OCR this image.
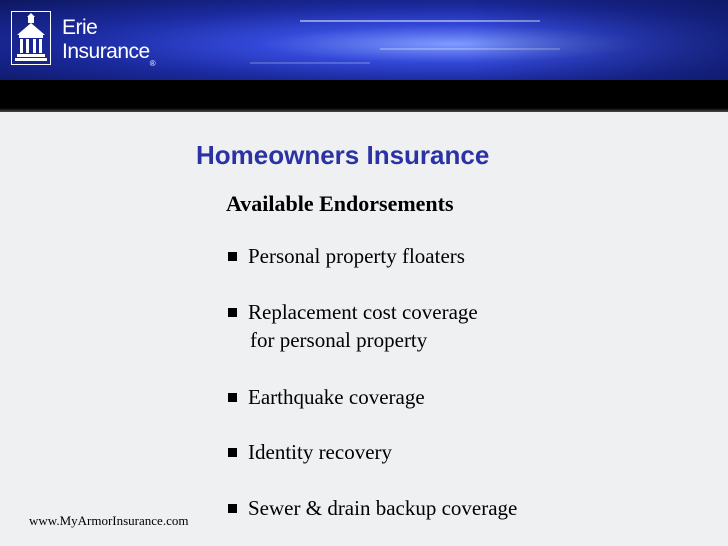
Erie
Insurance®
Homeowners Insurance
Available Endorsements
Personal property floaters
Replacement cost coverage
for personal property
Earthquake coverage
Identity recovery
Sewer & drain backup coverage
www.MyArmorInsurance.com
